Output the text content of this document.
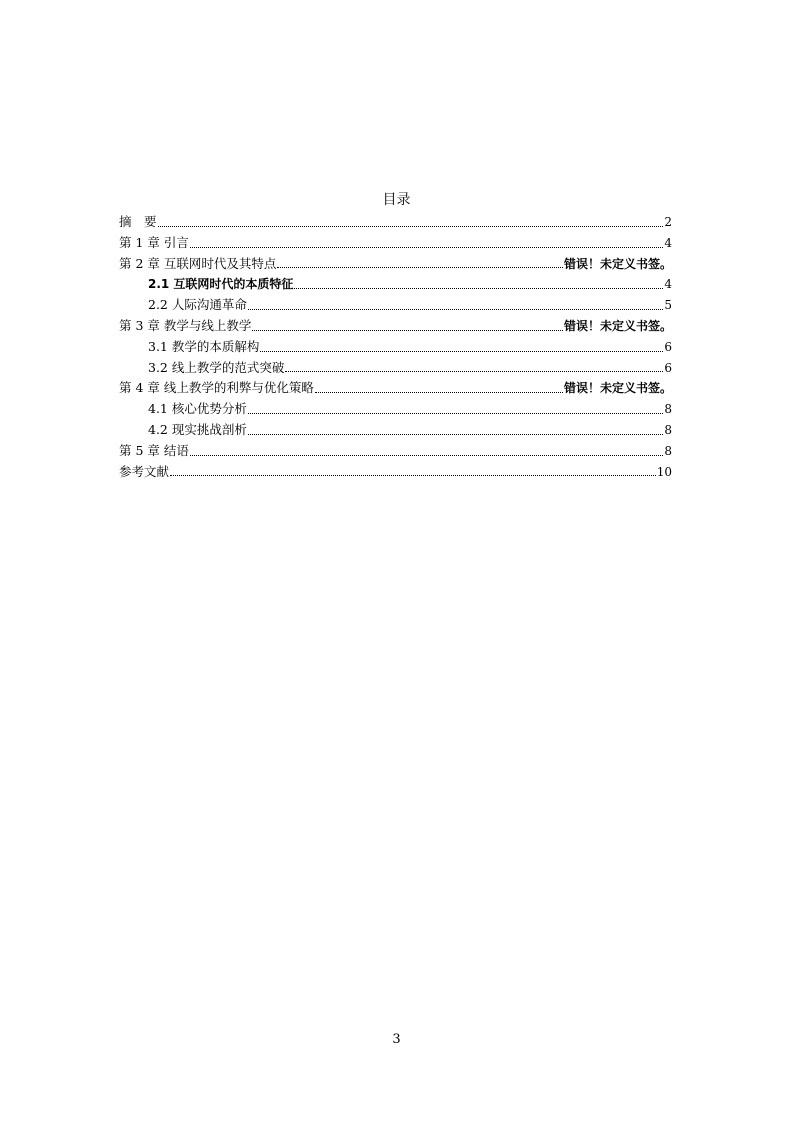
目录
摘　要	2
第 1 章 引言	4
第 2 章 互联网时代及其特点	错误！未定义书签。
2.1 互联网时代的本质特征	4
2.2 人际沟通革命	5
第 3 章 教学与线上教学	错误！未定义书签。
3.1 教学的本质解构	6
3.2 线上教学的范式突破	6
第 4 章 线上教学的利弊与优化策略	错误！未定义书签。
4.1 核心优势分析	8
4.2 现实挑战剖析	8
第 5 章 结语	8
参考文献	10
3
